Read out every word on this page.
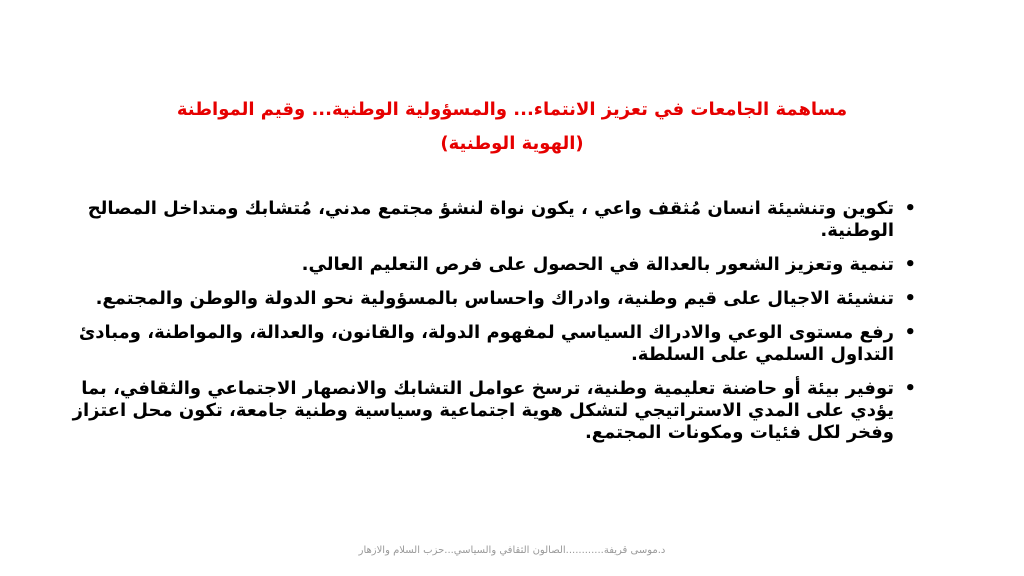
مساهمة الجامعات في تعزيز الانتماء... والمسؤولية الوطنية... وقيم المواطنة
(الهوية الوطنية)
•
تكوين وتنشيئة انسان مُثقف واعي ، يكون نواة لنشؤ مجتمع مدني، مُتشابك ومتداخل المصالح الوطنية.
•
تنمية وتعزيز الشعور بالعدالة في الحصول على فرص التعليم العالي.
•
تنشيئة الاجيال على قيم وطنية، وادراك واحساس بالمسؤولية نحو الدولة والوطن والمجتمع.
•
رفع مستوى الوعي والادراك السياسي لمفهوم الدولة، والقانون، والعدالة، والمواطنة، ومبادئ التداول السلمي على السلطة.
•
توفير بيئة أو حاضنة تعليمية وطنية، ترسخ عوامل التشابك والانصهار الاجتماعي والثقافي، بما يؤدي على المدي الاستراتيجي لتشكل هوية اجتماعية وسياسية وطنية جامعة، تكون محل اعتزاز وفخر لكل فئيات ومكونات المجتمع.
د.موسى قريفة............الصالون الثقافي والسياسي...حزب السلام والازهار
